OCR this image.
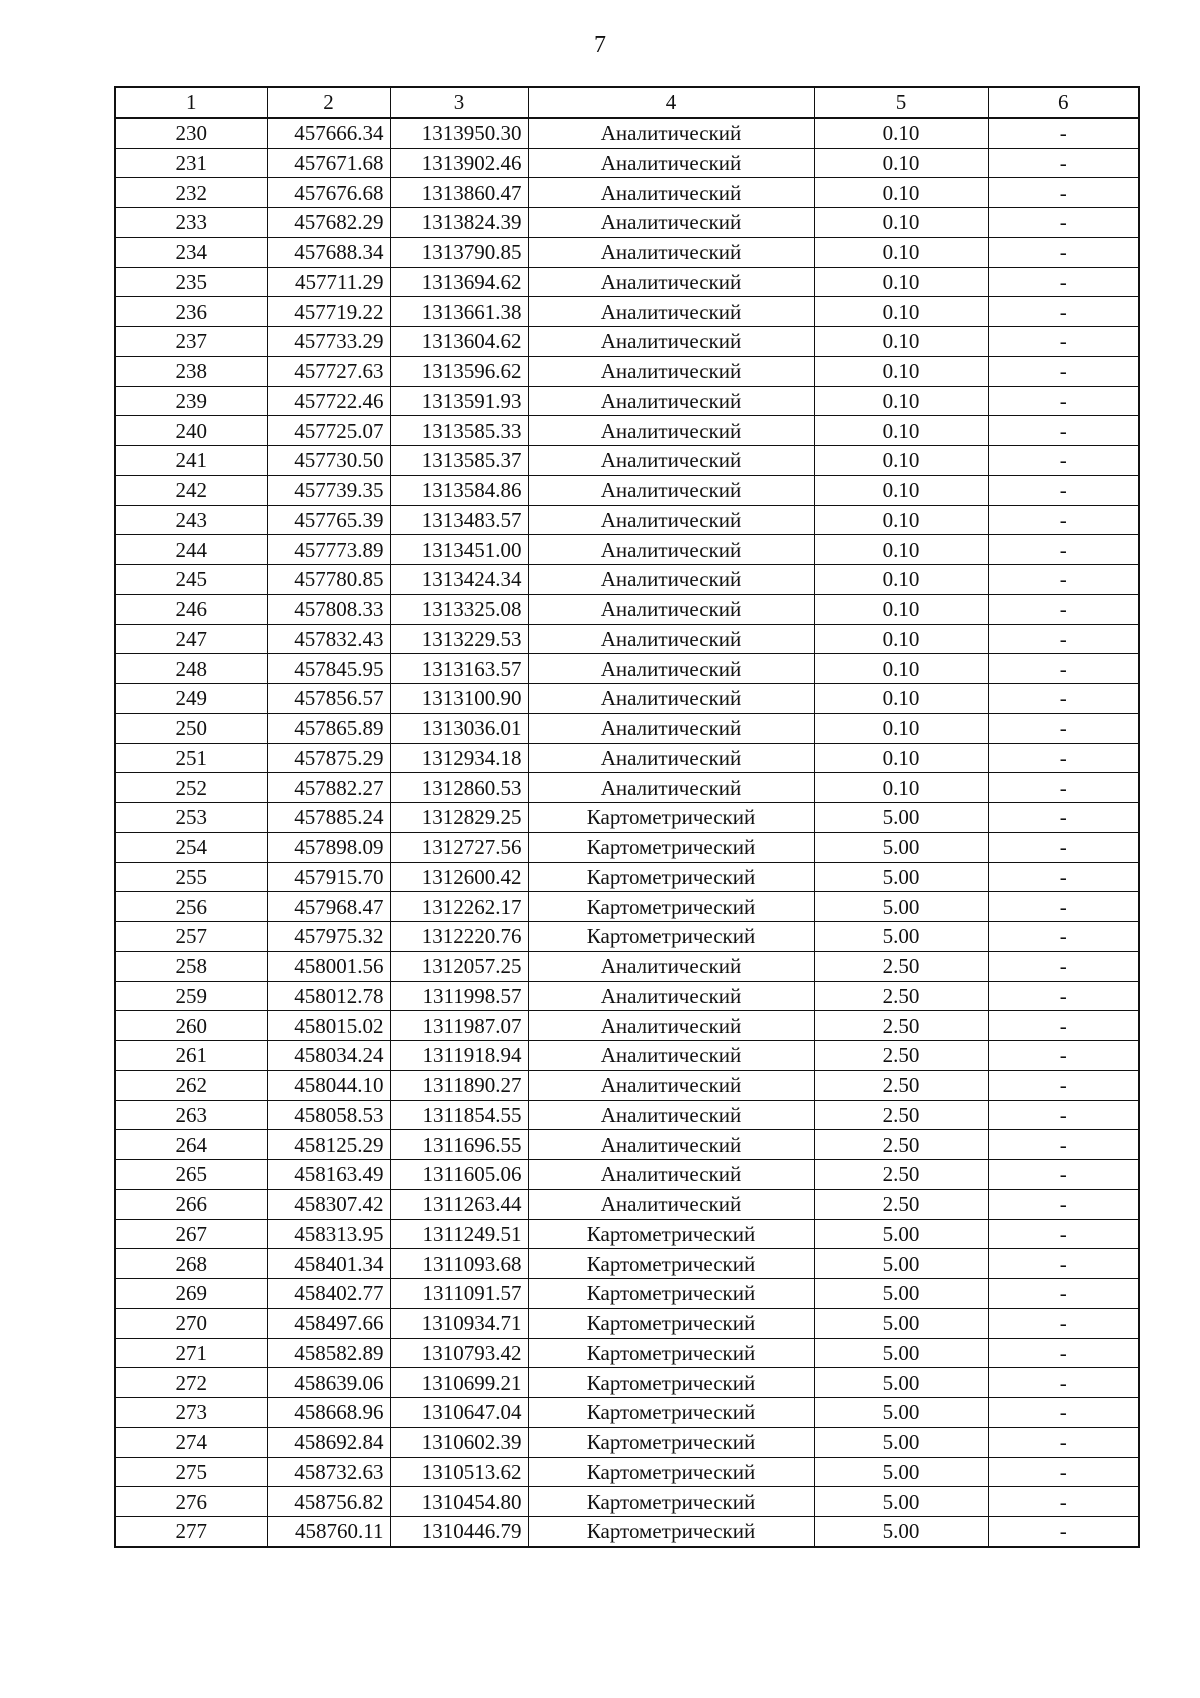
7
1	2	3	4	5	6
230	457666.34	1313950.30	Аналитический	0.10	-
231	457671.68	1313902.46	Аналитический	0.10	-
232	457676.68	1313860.47	Аналитический	0.10	-
233	457682.29	1313824.39	Аналитический	0.10	-
234	457688.34	1313790.85	Аналитический	0.10	-
235	457711.29	1313694.62	Аналитический	0.10	-
236	457719.22	1313661.38	Аналитический	0.10	-
237	457733.29	1313604.62	Аналитический	0.10	-
238	457727.63	1313596.62	Аналитический	0.10	-
239	457722.46	1313591.93	Аналитический	0.10	-
240	457725.07	1313585.33	Аналитический	0.10	-
241	457730.50	1313585.37	Аналитический	0.10	-
242	457739.35	1313584.86	Аналитический	0.10	-
243	457765.39	1313483.57	Аналитический	0.10	-
244	457773.89	1313451.00	Аналитический	0.10	-
245	457780.85	1313424.34	Аналитический	0.10	-
246	457808.33	1313325.08	Аналитический	0.10	-
247	457832.43	1313229.53	Аналитический	0.10	-
248	457845.95	1313163.57	Аналитический	0.10	-
249	457856.57	1313100.90	Аналитический	0.10	-
250	457865.89	1313036.01	Аналитический	0.10	-
251	457875.29	1312934.18	Аналитический	0.10	-
252	457882.27	1312860.53	Аналитический	0.10	-
253	457885.24	1312829.25	Картометрический	5.00	-
254	457898.09	1312727.56	Картометрический	5.00	-
255	457915.70	1312600.42	Картометрический	5.00	-
256	457968.47	1312262.17	Картометрический	5.00	-
257	457975.32	1312220.76	Картометрический	5.00	-
258	458001.56	1312057.25	Аналитический	2.50	-
259	458012.78	1311998.57	Аналитический	2.50	-
260	458015.02	1311987.07	Аналитический	2.50	-
261	458034.24	1311918.94	Аналитический	2.50	-
262	458044.10	1311890.27	Аналитический	2.50	-
263	458058.53	1311854.55	Аналитический	2.50	-
264	458125.29	1311696.55	Аналитический	2.50	-
265	458163.49	1311605.06	Аналитический	2.50	-
266	458307.42	1311263.44	Аналитический	2.50	-
267	458313.95	1311249.51	Картометрический	5.00	-
268	458401.34	1311093.68	Картометрический	5.00	-
269	458402.77	1311091.57	Картометрический	5.00	-
270	458497.66	1310934.71	Картометрический	5.00	-
271	458582.89	1310793.42	Картометрический	5.00	-
272	458639.06	1310699.21	Картометрический	5.00	-
273	458668.96	1310647.04	Картометрический	5.00	-
274	458692.84	1310602.39	Картометрический	5.00	-
275	458732.63	1310513.62	Картометрический	5.00	-
276	458756.82	1310454.80	Картометрический	5.00	-
277	458760.11	1310446.79	Картометрический	5.00	-
